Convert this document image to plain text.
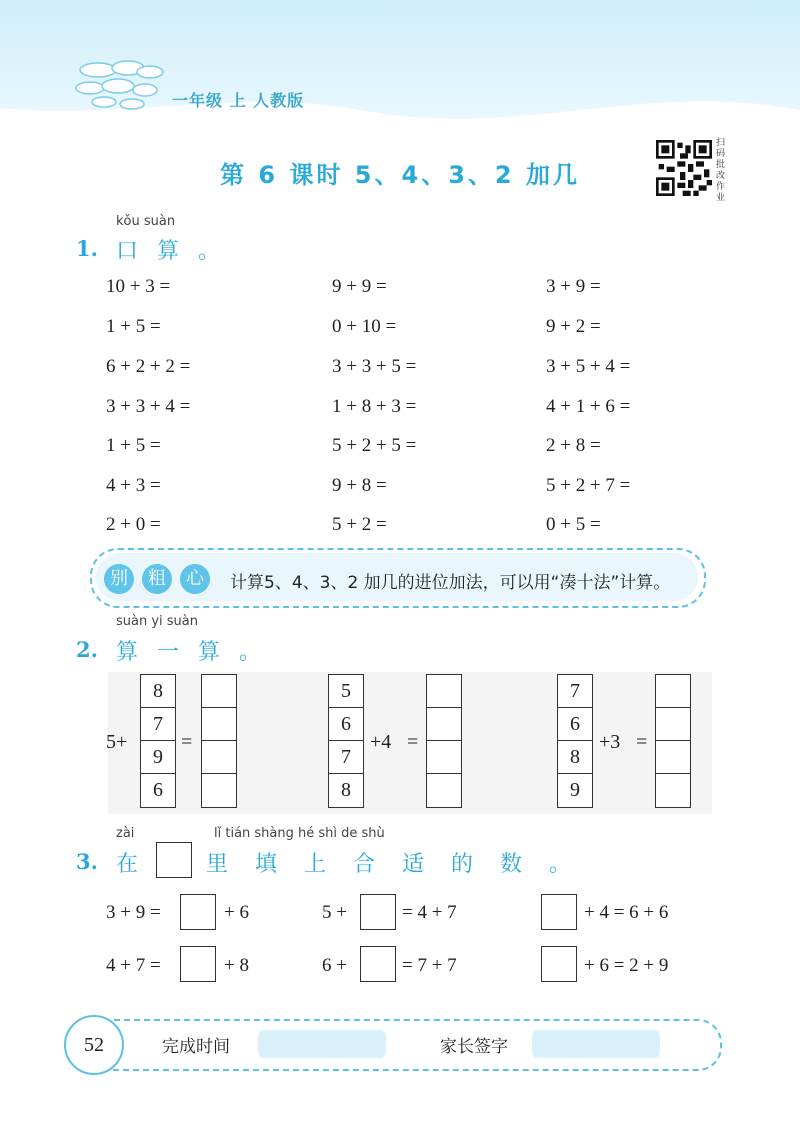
一年级 上 人教版
第 6 课时 5、4、3、2 加几
扫码批改作业
kǒu suàn
1. 口 算 。
10 + 3 =	9 + 9 =	3 + 9 =
1 + 5 =	0 + 10 =	9 + 2 =
6 + 2 + 2 =	3 + 3 + 5 =	3 + 5 + 4 =
3 + 3 + 4 =	1 + 8 + 3 =	4 + 1 + 6 =
1 + 5 =	5 + 2 + 5 =	2 + 8 =
4 + 3 =	9 + 8 =	5 + 2 + 7 =
2 + 0 =	5 + 2 =	0 + 5 =
别	粗	心	计算5、4、3、2 加几的进位加法，可以用“凑十法”计算。
suàn yi suàn
2. 算 一 算 。
5+
8
7
9
6
=
5
6
7
8
+4 =
7
6
8
9
+3 =
zài	lǐ tián shàng hé shì de shù
3. 在	里 填 上 合 适 的 数 。
3 + 9 =	+ 6	5 +	= 4 + 7	+ 4 = 6 + 6
4 + 7 =	+ 8	6 +	= 7 + 7	+ 6 = 2 + 9
52	完成时间	家长签字
